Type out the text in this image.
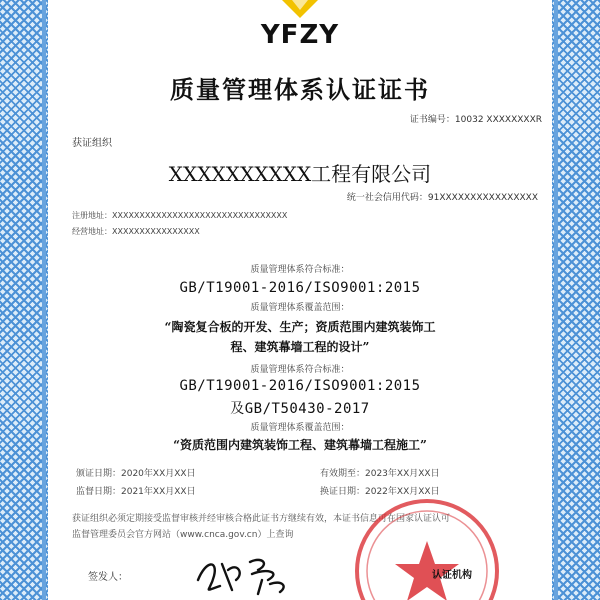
YFZY
质量管理体系认证证书
证书编号：10032 XXXXXXXXR
获证组织
XXXXXXXXXX工程有限公司
统一社会信用代码：91XXXXXXXXXXXXXXXX
注册地址：XXXXXXXXXXXXXXXXXXXXXXXXXXXXXXXX
经营地址：XXXXXXXXXXXXXXXX
质量管理体系符合标准：
GB/T19001-2016/ISO9001:2015
质量管理体系覆盖范围：
“陶瓷复合板的开发、生产；资质范围内建筑装饰工
程、建筑幕墙工程的设计”
质量管理体系符合标准：
GB/T19001-2016/ISO9001:2015
及GB/T50430-2017
质量管理体系覆盖范围：
“资质范围内建筑装饰工程、建筑幕墙工程施工”
颁证日期：2020年XX月XX日	有效期至：2023年XX月XX日
监督日期：2021年XX月XX日	换证日期：2022年XX月XX日
获证组织必须定期接受监督审核并经审核合格此证书方继续有效，本证书信息可在国家认证认可
监督管理委员会官方网站（www.cnca.gov.cn）上查询
签发人：	认证机构
